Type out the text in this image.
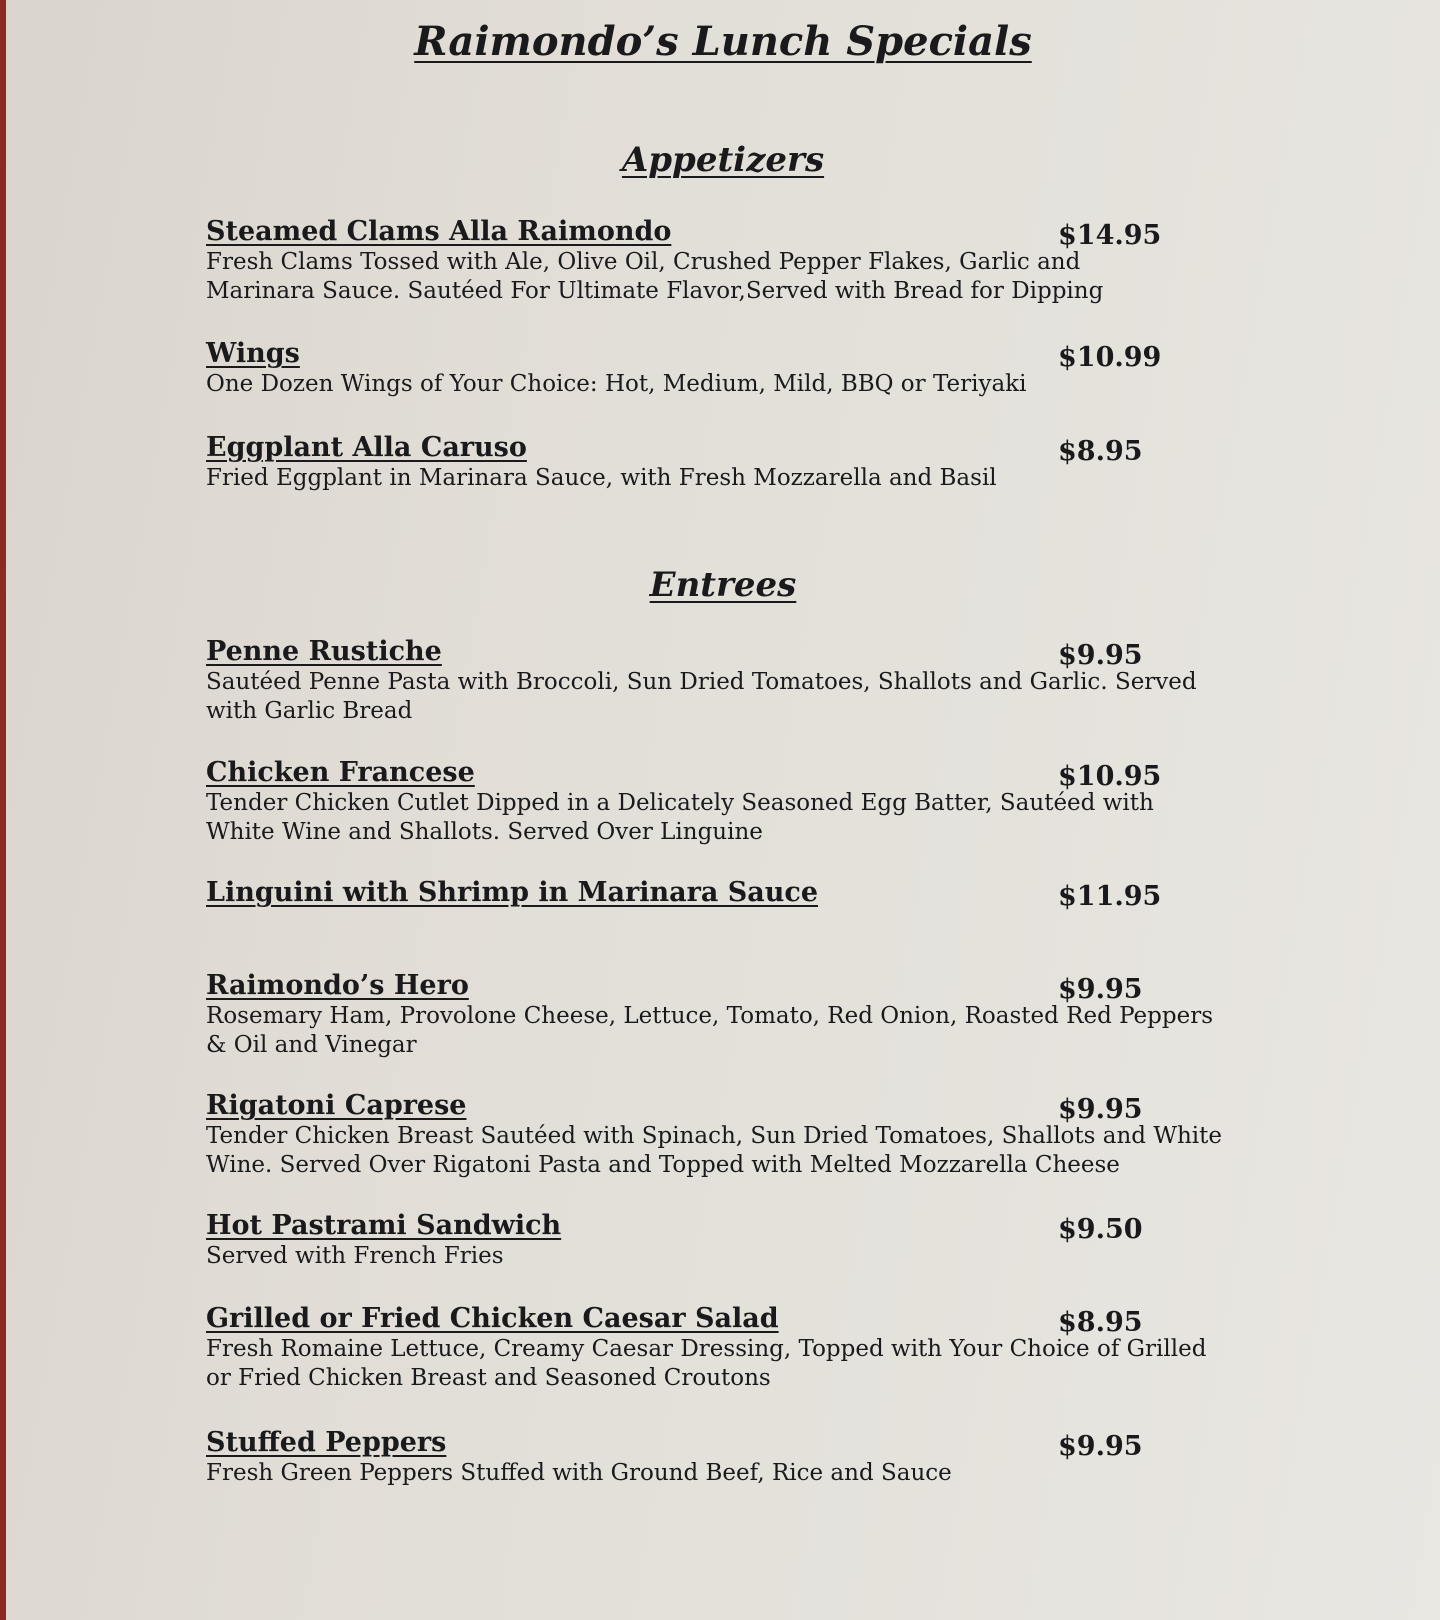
Raimondo’s Lunch Specials
Appetizers
Steamed Clams Alla Raimondo	$14.95
Fresh Clams Tossed with Ale, Olive Oil, Crushed Pepper Flakes, Garlic and Marinara Sauce. Sautéed For Ultimate Flavor,Served with Bread for Dipping
Wings	$10.99
One Dozen Wings of Your Choice: Hot, Medium, Mild, BBQ or Teriyaki
Eggplant Alla Caruso	$8.95
Fried Eggplant in Marinara Sauce, with Fresh Mozzarella and Basil
Entrees
Penne Rustiche	$9.95
Sautéed Penne Pasta with Broccoli, Sun Dried Tomatoes, Shallots and Garlic. Served with Garlic Bread
Chicken Francese	$10.95
Tender Chicken Cutlet Dipped in a Delicately Seasoned Egg Batter, Sautéed with White Wine and Shallots. Served Over Linguine
Linguini with Shrimp in Marinara Sauce	$11.95
Raimondo’s Hero	$9.95
Rosemary Ham, Provolone Cheese, Lettuce, Tomato, Red Onion, Roasted Red Peppers & Oil and Vinegar
Rigatoni Caprese	$9.95
Tender Chicken Breast Sautéed with Spinach, Sun Dried Tomatoes, Shallots and White Wine. Served Over Rigatoni Pasta and Topped with Melted Mozzarella Cheese
Hot Pastrami Sandwich	$9.50
Served with French Fries
Grilled or Fried Chicken Caesar Salad	$8.95
Fresh Romaine Lettuce, Creamy Caesar Dressing, Topped with Your Choice of Grilled or Fried Chicken Breast and Seasoned Croutons
Stuffed Peppers	$9.95
Fresh Green Peppers Stuffed with Ground Beef, Rice and Sauce
